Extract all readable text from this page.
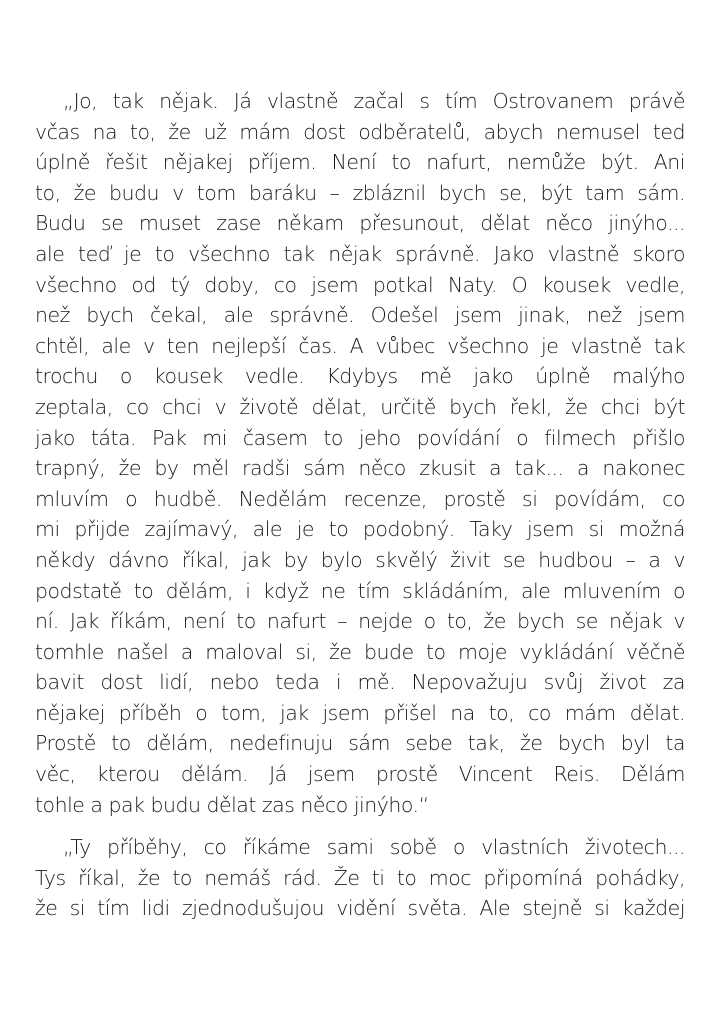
„Jo, tak nějak. Já vlastně začal s tím Ostrovanem právě
včas na to, že už mám dost odběratelů, abych nemusel teď
úplně řešit nějakej příjem. Není to nafurt, nemůže být. Ani
to, že budu v tom baráku – zbláznil bych se, být tam sám.
Budu se muset zase někam přesunout, dělat něco jinýho...
ale teď je to všechno tak nějak správně. Jako vlastně skoro
všechno od tý doby, co jsem potkal Naty. O kousek vedle,
než bych čekal, ale správně. Odešel jsem jinak, než jsem
chtěl, ale v ten nejlepší čas. A vůbec všechno je vlastně tak
trochu o kousek vedle. Kdybys mě jako úplně malýho
zeptala, co chci v životě dělat, určitě bych řekl, že chci být
jako táta. Pak mi časem to jeho povídání o filmech přišlo
trapný, že by měl radši sám něco zkusit a tak... a nakonec
mluvím o hudbě. Nedělám recenze, prostě si povídám, co
mi přijde zajímavý, ale je to podobný. Taky jsem si možná
někdy dávno říkal, jak by bylo skvělý živit se hudbou – a v
podstatě to dělám, i když ne tím skládáním, ale mluvením o
ní. Jak říkám, není to nafurt – nejde o to, že bych se nějak v
tomhle našel a maloval si, že bude to moje vykládání věčně
bavit dost lidí, nebo teda i mě. Nepovažuju svůj život za
nějakej příběh o tom, jak jsem přišel na to, co mám dělat.
Prostě to dělám, nedefinuju sám sebe tak, že bych byl ta
věc, kterou dělám. Já jsem prostě Vincent Reis. Dělám
tohle a pak budu dělat zas něco jinýho.“
„Ty příběhy, co říkáme sami sobě o vlastních životech...
Tys říkal, že to nemáš rád. Že ti to moc připomíná pohádky,
že si tím lidi zjednodušujou vidění světa. Ale stejně si každej
